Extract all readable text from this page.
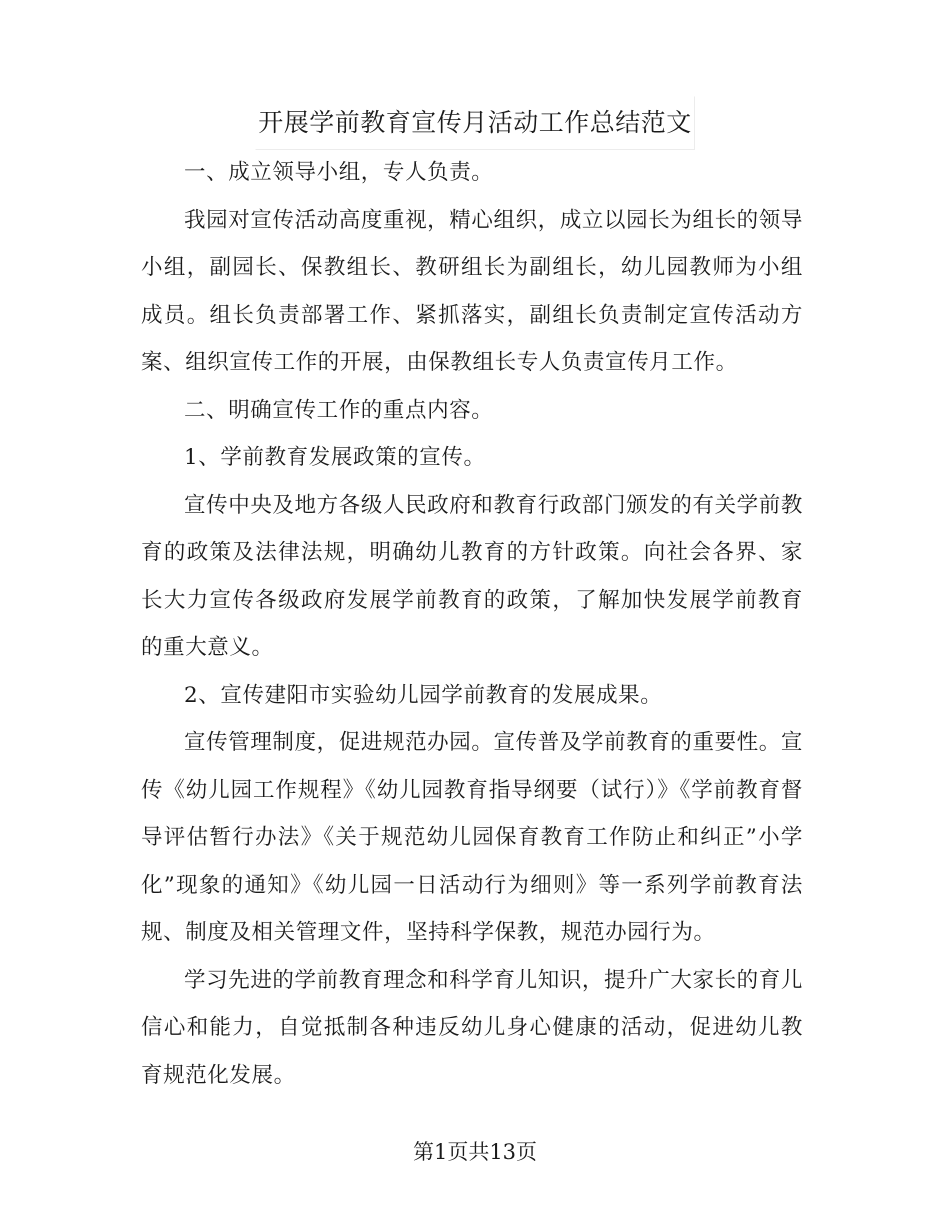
开展学前教育宣传月活动工作总结范文

一、成立领导小组，专人负责。

我园对宣传活动高度重视，精心组织，成立以园长为组长的领导小组，副园长、保教组长、教研组长为副组长，幼儿园教师为小组成员。组长负责部署工作、紧抓落实，副组长负责制定宣传活动方案、组织宣传工作的开展，由保教组长专人负责宣传月工作。

二、明确宣传工作的重点内容。

1、学前教育发展政策的宣传。

宣传中央及地方各级人民政府和教育行政部门颁发的有关学前教育的政策及法律法规，明确幼儿教育的方针政策。向社会各界、家长大力宣传各级政府发展学前教育的政策，了解加快发展学前教育的重大意义。

2、宣传建阳市实验幼儿园学前教育的发展成果。

宣传管理制度，促进规范办园。宣传普及学前教育的重要性。宣传《幼儿园工作规程》《幼儿园教育指导纲要（试行）》《学前教育督导评估暂行办法》《关于规范幼儿园保育教育工作防止和纠正”小学化”现象的通知》《幼儿园一日活动行为细则》等一系列学前教育法规、制度及相关管理文件，坚持科学保教，规范办园行为。

学习先进的学前教育理念和科学育儿知识，提升广大家长的育儿信心和能力，自觉抵制各种违反幼儿身心健康的活动，促进幼儿教育规范化发展。

第1页共13页
